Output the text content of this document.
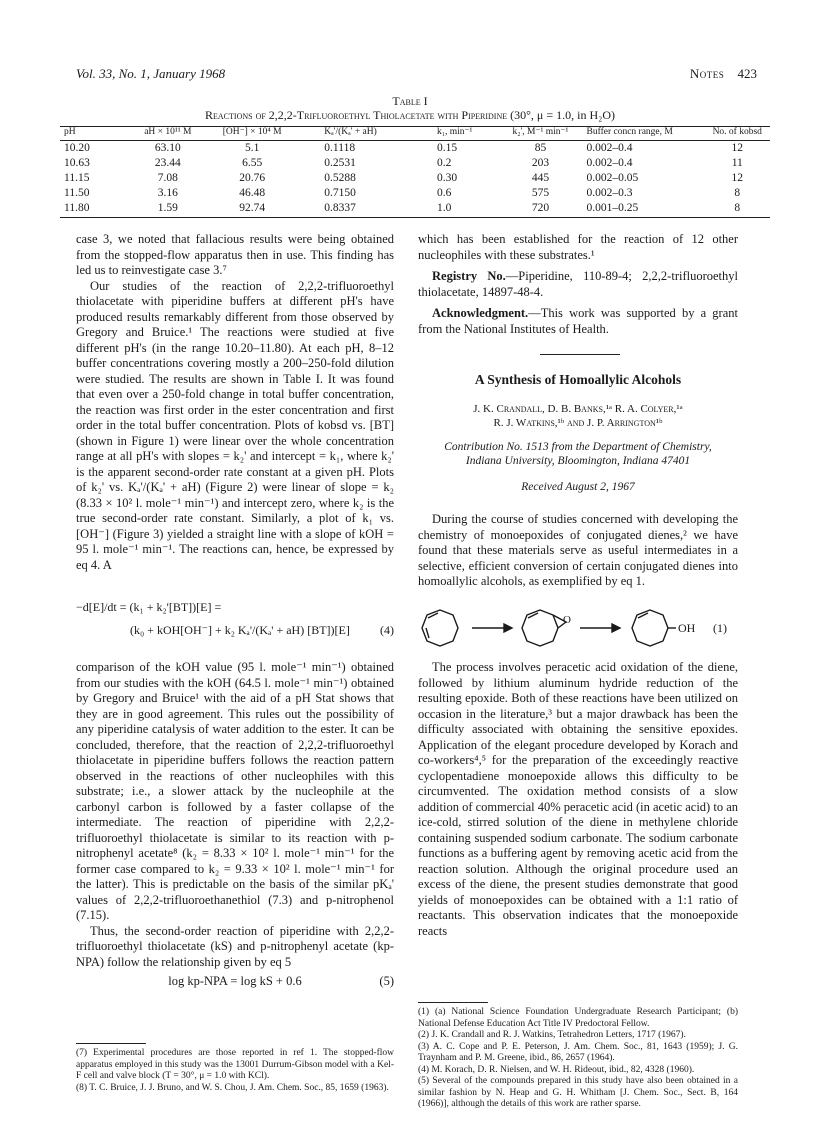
Vol. 33, No. 1, January 1968	Notes 423
Table I
Reactions of 2,2,2-Trifluoroethyl Thiolacetate with Piperidine (30°, μ = 1.0, in H₂O)
pH	aH × 10¹¹ M	[OH⁻] × 10⁴ M	Kₐ'/(Kₐ' + aH)	k₁, min⁻¹	k₂', M⁻¹ min⁻¹	Buffer concn range, M	No. of kobsd
10.20	63.10	5.1	0.1118	0.15	85	0.002–0.4	12
10.63	23.44	6.55	0.2531	0.2	203	0.002–0.4	11
11.15	7.08	20.76	0.5288	0.30	445	0.002–0.05	12
11.50	3.16	46.48	0.7150	0.6	575	0.002–0.3	8
11.80	1.59	92.74	0.8337	1.0	720	0.001–0.25	8

case 3, we noted that fallacious results were being obtained from the stopped-flow apparatus then in use. This finding has led us to reinvestigate case 3.⁷

Our studies of the reaction of 2,2,2-trifluoroethyl thiolacetate with piperidine buffers at different pH's have produced results remarkably different from those observed by Gregory and Bruice.¹ The reactions were studied at five different pH's (in the range 10.20–11.80). At each pH, 8–12 buffer concentrations covering mostly a 200–250-fold dilution were studied. The results are shown in Table I. It was found that even over a 250-fold change in total buffer concentration, the reaction was first order in the ester concentration and first order in the total buffer concentration. Plots of kobsd vs. [BT] (shown in Figure 1) were linear over the whole concentration range at all pH's with slopes = k₂' and intercept = k₁, where k₂' is the apparent second-order rate constant at a given pH. Plots of k₂' vs. Kₐ'/(Kₐ' + aH) (Figure 2) were linear of slope = k₂ (8.33 × 10² l. mole⁻¹ min⁻¹) and intercept zero, where k₂ is the true second-order rate constant. Similarly, a plot of k₁ vs. [OH⁻] (Figure 3) yielded a straight line with a slope of kOH = 95 l. mole⁻¹ min⁻¹. The reactions can, hence, be expressed by eq 4. A

−d[E]/dt = (k₁ + k₂'[BT])[E] =
(k₀ + kOH[OH⁻] + k₂ Kₐ'/(Kₐ' + aH) [BT])[E]	(4)

comparison of the kOH value (95 l. mole⁻¹ min⁻¹) obtained from our studies with the kOH (64.5 l. mole⁻¹ min⁻¹) obtained by Gregory and Bruice¹ with the aid of a pH Stat shows that they are in good agreement. This rules out the possibility of any piperidine catalysis of water addition to the ester. It can be concluded, therefore, that the reaction of 2,2,2-trifluoroethyl thiolacetate in piperidine buffers follows the reaction pattern observed in the reactions of other nucleophiles with this substrate; i.e., a slower attack by the nucleophile at the carbonyl carbon is followed by a faster collapse of the intermediate. The reaction of piperidine with 2,2,2-trifluoroethyl thiolacetate is similar to its reaction with p-nitrophenyl acetate⁸ (k₂ = 8.33 × 10² l. mole⁻¹ min⁻¹ for the former case compared to k₂ = 9.33 × 10² l. mole⁻¹ min⁻¹ for the latter). This is predictable on the basis of the similar pKₐ' values of 2,2,2-trifluoroethanethiol (7.3) and p-nitrophenol (7.15).

Thus, the second-order reaction of piperidine with 2,2,2-trifluoroethyl thiolacetate (kS) and p-nitrophenyl acetate (kp-NPA) follow the relationship given by eq 5

log kp-NPA = log kS + 0.6	(5)

(7) Experimental procedures are those reported in ref 1. The stopped-flow apparatus employed in this study was the 13001 Durrum-Gibson model with a Kel-F cell and valve block (T = 30°, μ = 1.0 with KCl).

(8) T. C. Bruice, J. J. Bruno, and W. S. Chou, J. Am. Chem. Soc., 85, 1659 (1963).

which has been established for the reaction of 12 other nucleophiles with these substrates.¹

Registry No.—Piperidine, 110-89-4; 2,2,2-trifluoroethyl thiolacetate, 14897-48-4.

Acknowledgment.—This work was supported by a grant from the National Institutes of Health.

A Synthesis of Homoallylic Alcohols
J. K. Crandall, D. B. Banks,¹ᵃ R. A. Colyer,¹ᵃ
R. J. Watkins,¹ᵇ and J. P. Arrington¹ᵇ
Contribution No. 1513 from the Department of Chemistry,
Indiana University, Bloomington, Indiana 47401
Received August 2, 1967

During the course of studies concerned with developing the chemistry of monoepoxides of conjugated dienes,² we have found that these materials serve as useful intermediates in a selective, efficient conversion of certain conjugated dienes into homoallylic alcohols, as exemplified by eq 1.

O
OH (1)

The process involves peracetic acid oxidation of the diene, followed by lithium aluminum hydride reduction of the resulting epoxide. Both of these reactions have been utilized on occasion in the literature,³ but a major drawback has been the difficulty associated with obtaining the sensitive epoxides. Application of the elegant procedure developed by Korach and co-workers⁴,⁵ for the preparation of the exceedingly reactive cyclopentadiene monoepoxide allows this difficulty to be circumvented. The oxidation method consists of a slow addition of commercial 40% peracetic acid (in acetic acid) to an ice-cold, stirred solution of the diene in methylene chloride containing suspended sodium carbonate. The sodium carbonate functions as a buffering agent by removing acetic acid from the reaction solution. Although the original procedure used an excess of the diene, the present studies demonstrate that good yields of monoepoxides can be obtained with a 1:1 ratio of reactants. This observation indicates that the monoepoxide reacts

(1) (a) National Science Foundation Undergraduate Research Participant; (b) National Defense Education Act Title IV Predoctoral Fellow.

(2) J. K. Crandall and R. J. Watkins, Tetrahedron Letters, 1717 (1967).

(3) A. C. Cope and P. E. Peterson, J. Am. Chem. Soc., 81, 1643 (1959); J. G. Traynham and P. M. Greene, ibid., 86, 2657 (1964).

(4) M. Korach, D. R. Nielsen, and W. H. Rideout, ibid., 82, 4328 (1960).

(5) Several of the compounds prepared in this study have also been obtained in a similar fashion by N. Heap and G. H. Whitham [J. Chem. Soc., Sect. B, 164 (1966)], although the details of this work are rather sparse.
